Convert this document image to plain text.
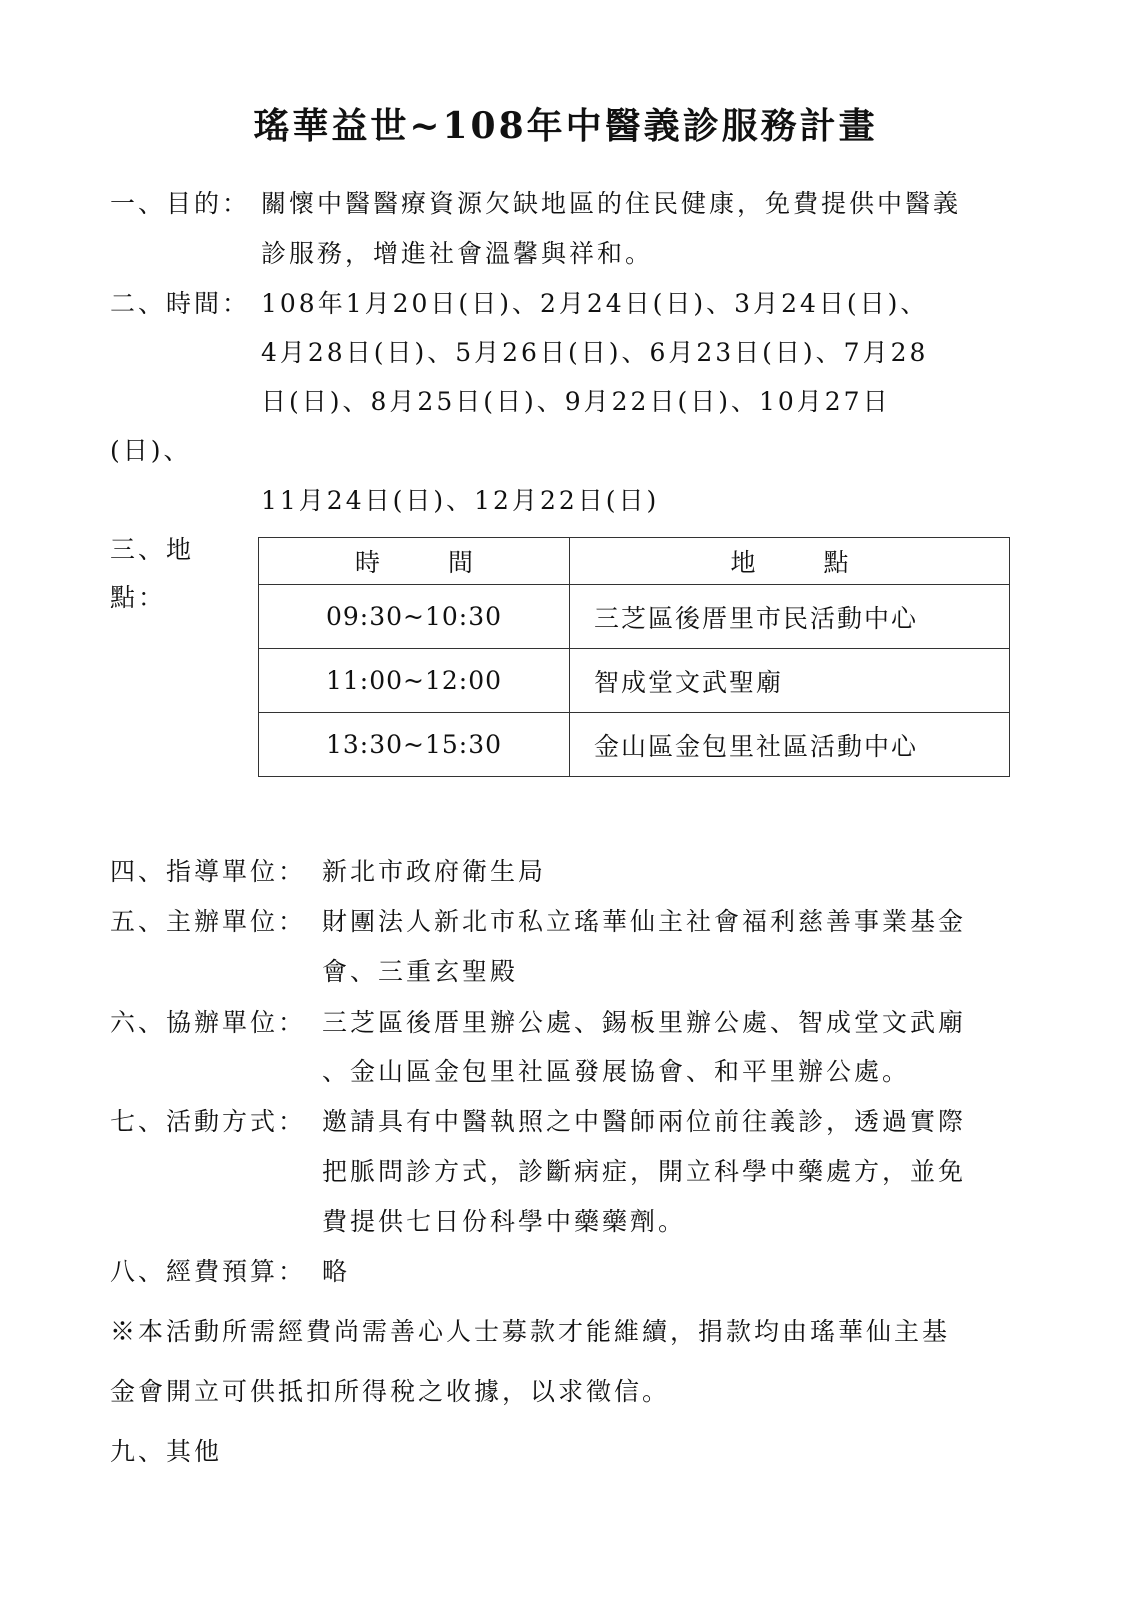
瑤華益世~108年中醫義診服務計畫
一、目的： 關懷中醫醫療資源欠缺地區的住民健康，免費提供中醫義
診服務，增進社會溫馨與祥和。
二、時間： 108年1月20日(日)、2月24日(日)、3月24日(日)、
4月28日(日)、5月26日(日)、6月23日(日)、7月28
日(日)、8月25日(日)、9月22日(日)、10月27日
(日)、
11月24日(日)、12月22日(日)
三、地
點：
時 間	地 點
09:30~10:30	三芝區後厝里市民活動中心
11:00~12:00	智成堂文武聖廟
13:30~15:30	金山區金包里社區活動中心
四、指導單位： 新北市政府衛生局
五、主辦單位： 財團法人新北市私立瑤華仙主社會福利慈善事業基金
會、三重玄聖殿
六、協辦單位： 三芝區後厝里辦公處、錫板里辦公處、智成堂文武廟
、金山區金包里社區發展協會、和平里辦公處。
七、活動方式： 邀請具有中醫執照之中醫師兩位前往義診，透過實際
把脈問診方式，診斷病症，開立科學中藥處方，並免
費提供七日份科學中藥藥劑。
八、經費預算： 略
※本活動所需經費尚需善心人士募款才能維續，捐款均由瑤華仙主基
金會開立可供抵扣所得稅之收據，以求徵信。
九、其他
